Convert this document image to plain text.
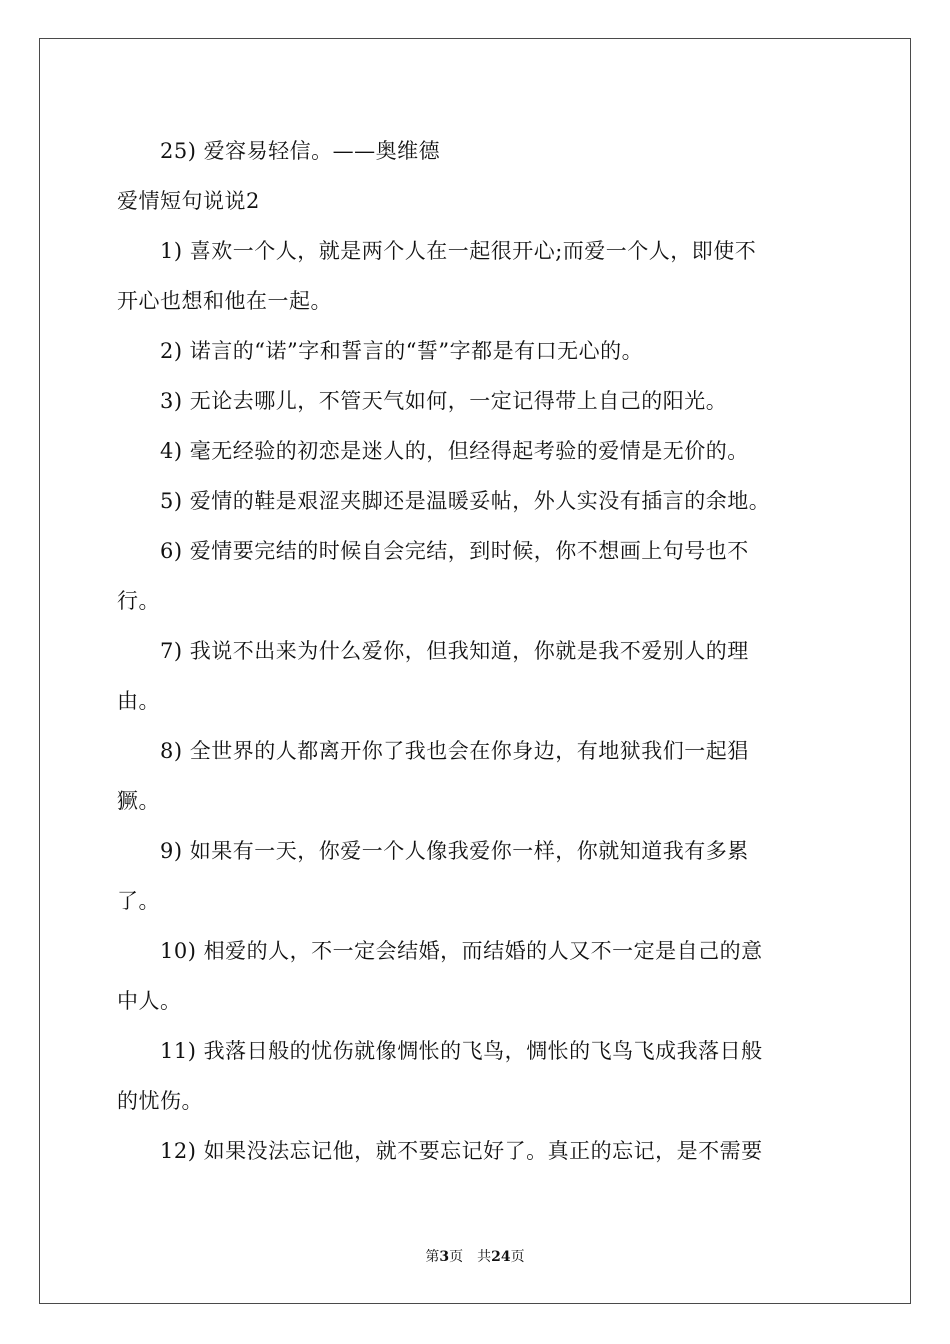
25) 爱容易轻信。——奥维德
爱情短句说说2
1) 喜欢一个人，就是两个人在一起很开心;而爱一个人，即使不
开心也想和他在一起。
2) 诺言的“诺”字和誓言的“誓”字都是有口无心的。
3) 无论去哪儿，不管天气如何，一定记得带上自己的阳光。
4) 毫无经验的初恋是迷人的，但经得起考验的爱情是无价的。
5) 爱情的鞋是艰涩夹脚还是温暖妥帖，外人实没有插言的余地。
6) 爱情要完结的时候自会完结，到时候，你不想画上句号也不
行。
7) 我说不出来为什么爱你，但我知道，你就是我不爱别人的理
由。
8) 全世界的人都离开你了我也会在你身边，有地狱我们一起猖
獗。
9) 如果有一天，你爱一个人像我爱你一样，你就知道我有多累
了。
10) 相爱的人，不一定会结婚，而结婚的人又不一定是自己的意
中人。
11) 我落日般的忧伤就像惆怅的飞鸟，惆怅的飞鸟飞成我落日般
的忧伤。
12) 如果没法忘记他，就不要忘记好了。真正的忘记，是不需要
第3页 共24页
